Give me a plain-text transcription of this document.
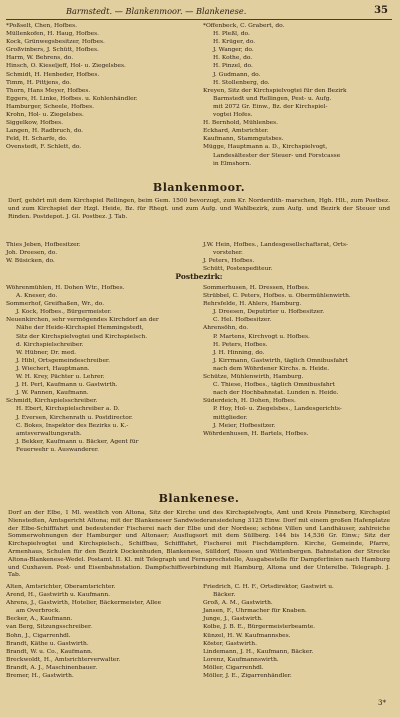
Barmstedt. — Blankenmoor. — Blankenese.	35
*Poßselt, Chen, Hofbes.
Müllenkofen, H. Haug, Hofbes.
Kock, Grünwegsbesitzer, Hofbes.
Großvinbers, J. Schütt, Hofbes.
Harm, W. Behrens, do.
Hinsch, O. Kieseljeff, Hol- u. Ziegelsbes.
Schmidt, H. Henbeder, Hofbes.
Timm, H. Pittjens, do.
Thorn, Hans Meyer, Hofbes.
Eggers, H. Linke, Hofbes. u. Kohlenhändler.
Hamburger, Scheele, Hofbes.
Krohn, Hol- u. Ziegelsbes.
Siggelkow, Hofbes.
Langen, H. Radbruch, do.
Feld, H. Scharfe, do.
Ovenstedt, F. Schlett, do.
*Offenbeck, C. Grabert, do.
H. Pleßl, do.
H. Krüger, do.
J. Wanger, do.
H. Kothe, do.
H. Pinzel, do.
J. Gudmann, do.
H. Stollenberg, do.
Kreyen, Sitz der Kirchspielvogtei für den Bezirk
Barmstedt und Rellingen, Pest- u. Aufg.
mit 2072 Gr. Einw., Bz. der Kirchspiel-
vogtei Hofes.
H. Bernhold, Mühlenbes.
Eckhard, Amtsrichter.
Kaufmann, Stammgutsbes.
Mügge, Hauptmann a. D., Kirchspielvogt,
Landesältester der Steuer- und Forstcasse
in Elmshorn.
Blankenmoor.
Dorf, gehört mit dem Kirchspiel Rellingen, beim Gem. 1500 bevorzugt, zum Kr. Norderdith- marschen, Hgh. Hlt., zum Postbez. und zum Kirchspiel der Hzgl. Heide, Bz. für Rhegt. und zum Aufg. und Wahlbezirk, zum Aufg. und Bezirk der Steuer und Rinden. Postdepot. J. Gl. Postbez. J. Tab.
Thies Jeben, Hofbesitzer.
Joh. Dreesen, do.
W. Büsicken, do.
J.W. Hein, Hofbes., Landesgesellschaftsrat, Orts-
vorsteher.
J. Peters, Hofbes.
Schütt, Postexpediteur.
Postbezirk:
Wöhrenmühlen, H. Dohen Wtr., Hofbes.
A. Kneser, do.
Sommerhof, Greifhaßen, Wr., do.
J. Kock, Hofbes., Bürgermeister.
Neuenkirchen, sehr vermögendes Kirchdorf an der
Nähe der Heide-Kirchspiel Hemmingstedt,
Sitz der Kirchspielvogtei und Kirchspielsch.
d. Kirchspielschreiber.
W. Hübner, Dr. med.
J. Hibl, Ortsgemeindeschreiber.
J. Wiechert, Hauptmann.
W. H. Krey, Pächter u. Lehrer.
J. H. Perl, Kaufmann u. Gastwirth.
J. W. Pannen, Kaufmann.
Schmidt, Kirchspielsschreiber.
H. Ebert, Kirchspielschreiber a. D.
J. Eversen, Kirchenrath u. Postdirector.
C. Bokes, Inspektor des Bezirks u. K.-
amtsverwaltungsrath.
J. Bekker, Kaufmann u. Bäcker, Agent für
Feuerwehr u. Auswanderer.
Sommerhusen, H. Dressen, Hofbes.
Strübbel, C. Peters, Hofbes. u. Obermühlenwirth.
Rehrsfelde, H. Ahlers, Hamburg.
J. Dreesen, Deputirter u. Hofbesitzer.
C. Hel. Hofbesitzer.
Ahrensöhn, do.
P. Martens, Kirchvogt u. Hofbes.
H. Peters, Hofbes.
J. H. Hinning, do.
J. Kirrmann, Gastwirth, täglich Omnibusfahrt
nach dem Wöhrdener Kirchs. n. Heide.
Schütze, Mühlenwirth, Hamburg.
C. Thiese, Hofbes., täglich Omnibusfahrt
nach der Hochbahnstat. Lunden n. Heide.
Süderdeich, H. Dohen, Hofbes.
P. Hoy, Hol- u. Ziegelsbes., Landesgerichts-
mittglieder.
J. Meier, Hofbesitzer.
Wöhrdenhusen, H. Bartels, Hofbes.
Blankenese.
Dorf an der Elbe, 1 Ml. westlich von Altona, Sitz der Kirche und des Kirchspielvogts, Amt und Kreis Pinneberg, Kirchspiel Nienstedten, Amtsgericht Altona; mit der Blankeneser Sandwiederansiedelung 3125 Einw. Dorf mit einem großen Hafenplatze der Elbe-Schifffahrt und bedeutender Fischerei nach der Elbe und der Nordsee; schöne Villen und Landhäuser, zahlreiche Sommerwohnungen der Hamburger und Altonaer; Ausflugsort mit dem Süllberg. 144 bis 14,536 Gr. Einw.; Sitz der Kirchspielvogtei und Kirchspielsch., Schiffbau, Schifffahrt, Fischerei mit Fischdampfern. Kirche, Gemeinde, Pfarre, Armenhaus, Schulen für den Bezirk Dockenhuden, Blankenese, Sülldorf, Rissen und Wittenbergen. Bahnstation der Strecke Altona-Blankenese-Wedel. Postamt. II. Kl. mit Telegraph und Fernsprechstelle, Ausgabestelle für Dampferlinien nach Hamburg und Cuxhaven. Post- und Eisenbahnstation. Dampfschiffsverbindung mit Hamburg, Altona und der Unterelbe. Telegraph. J. Tab.
Alten, Amtsrichter, Oberamtsrichter.
Arend, H., Gastwirth u. Kaufmann.
Ahrens, J., Gastwirth, Hotelier, Bäckermeister, Allee
am Overbrock.
Becker, A., Kaufmann.
van Berg, Sitzungsschreiber.
Bohn, J., Cigarrenhdl.
Brandt, Käthe u. Gastwirth.
Brandt, W. u. Co., Kaufmann.
Breckwoldt, H., Amtsrichterverwalter.
Brandt, A. J., Maschinenbauer.
Bremer, H., Gastwirth.
Friedrich, C. H. F., Ortsdirektor, Gastwirt u.
Bäcker.
Groß, A. M., Gastwirth.
Jansen, F., Uhrmacher für Knaben.
Junge, J., Gastwirth.
Kolbe, J. B. E., Bürgermeisterbeamte.
Künzel, H. W. Kaufmannsbes.
Köster, Gastwirth.
Lindemann, J. H., Kaufmann, Bäcker.
Lorenz, Kaufmannswirth.
Möller, Cigarrenhdl.
Möller, J. E., Zigarrenhändler.
3*
